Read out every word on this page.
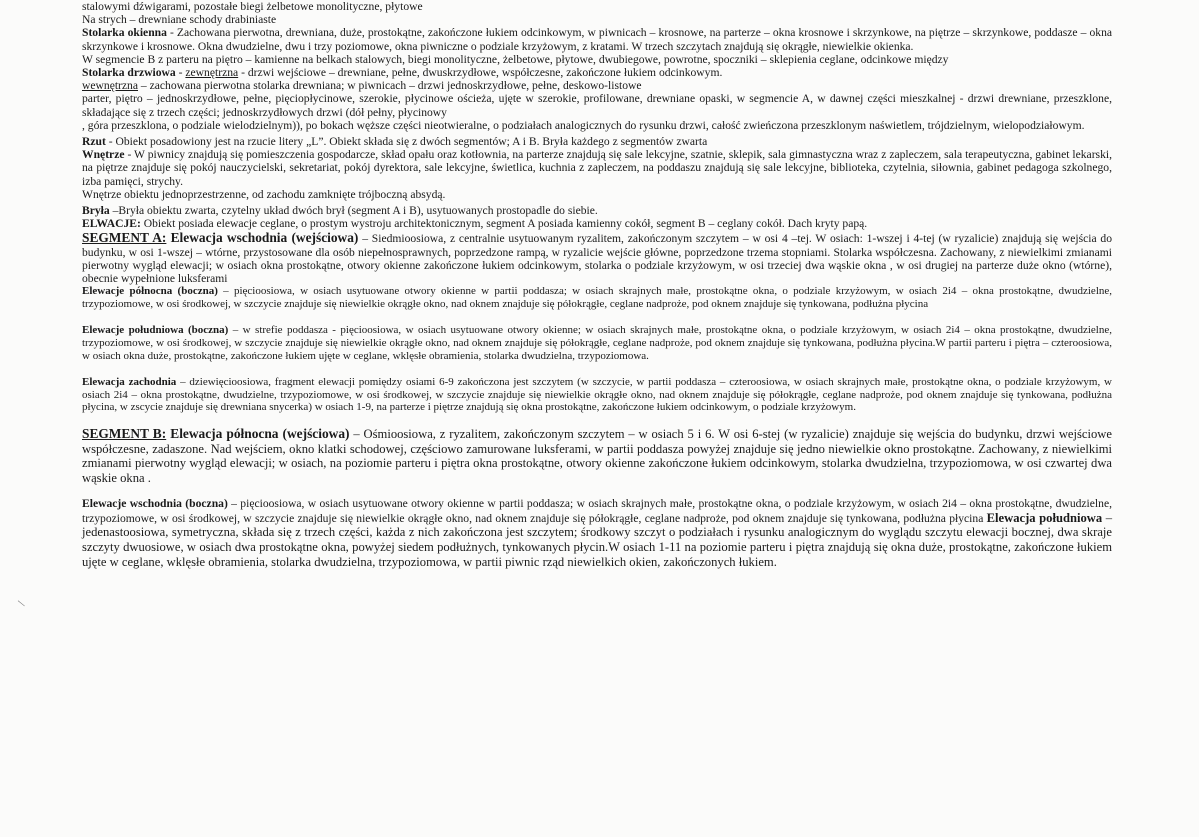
stalowymi dźwigarami, pozostałe biegi żelbetowe monolityczne, płytowe

Na strych – drewniane schody drabiniaste

Stolarka okienna - Zachowana pierwotna, drewniana, duże, prostokątne, zakończone łukiem odcinkowym, w piwnicach – krosnowe, na parterze – okna krosnowe i skrzynkowe, na piętrze – skrzynkowe, poddasze – okna skrzynkowe i krosnowe. Okna dwudzielne, dwu i trzy poziomowe, okna piwniczne o podziale krzyżowym, z kratami. W trzech szczytach znajdują się okrągłe, niewielkie okienka.

W segmencie B z parteru na piętro – kamienne na belkach stalowych, biegi monolityczne, żelbetowe, płytowe, dwubiegowe, powrotne, spoczniki – sklepienia ceglane, odcinkowe między

Stolarka drzwiowa - zewnętrzna - drzwi wejściowe – drewniane, pełne, dwuskrzydłowe, współczesne, zakończone łukiem odcinkowym.

wewnętrzna – zachowana pierwotna stolarka drewniana; w piwnicach – drzwi jednoskrzydłowe, pełne, deskowo-listowe

parter, piętro – jednoskrzydłowe, pełne, pięciopłycinowe, szerokie, płycinowe ościeża, ujęte w szerokie, profilowane, drewniane opaski, w segmencie A, w dawnej części mieszkalnej - drzwi drewniane, przeszklone, składające się z trzech części; jednoskrzydłowych drzwi (dół pełny, płycinowy

, góra przeszklona, o podziale wielodzielnym)), po bokach węższe części nieotwieralne, o podziałach analogicznych do rysunku drzwi, całość zwieńczona przeszklonym naświetlem, trójdzielnym, wielopodziałowym.

Rzut - Obiekt posadowiony jest na rzucie litery „L”. Obiekt składa się z dwóch segmentów; A i B. Bryła każdego z segmentów zwarta

Wnętrze - W piwnicy znajdują się pomieszczenia gospodarcze, skład opału oraz kotłownia, na parterze znajdują się sale lekcyjne, szatnie, sklepik, sala gimnastyczna wraz z zapleczem, sala terapeutyczna, gabinet lekarski, na piętrze znajduje się pokój nauczycielski, sekretariat, pokój dyrektora, sale lekcyjne, świetlica, kuchnia z zapleczem, na poddaszu znajdują się sale lekcyjne, biblioteka, czytelnia, siłownia, gabinet pedagoga szkolnego, izba pamięci, strychy.

Wnętrze obiektu jednoprzestrzenne, od zachodu zamknięte trójboczną absydą.

Bryła –Bryła obiektu zwarta, czytelny układ dwóch brył (segment A i B), usytuowanych prostopadle do siebie.

ELWACJE: Obiekt posiada elewacje ceglane, o prostym wystroju architektonicznym, segment A posiada kamienny cokół, segment B – ceglany cokół. Dach kryty papą.

SEGMENT A: Elewacja wschodnia (wejściowa) – Siedmioosiowa, z centralnie usytuowanym ryzalitem, zakończonym szczytem – w osi 4 –tej. W osiach: 1-wszej i 4-tej (w ryzalicie) znajdują się wejścia do budynku, w osi 1-wszej – wtórne, przystosowane dla osób niepełnosprawnych, poprzedzone rampą, w ryzalicie wejście główne, poprzedzone trzema stopniami. Stolarka współczesna. Zachowany, z niewielkimi zmianami pierwotny wygląd elewacji; w osiach okna prostokątne, otwory okienne zakończone łukiem odcinkowym, stolarka o podziale krzyżowym, w osi trzeciej dwa wąskie okna , w osi drugiej na parterze duże okno (wtórne), obecnie wypełnione luksferami

Elewacje północna (boczna) – pięcioosiowa, w osiach usytuowane otwory okienne w partii poddasza; w osiach skrajnych małe, prostokątne okna, o podziale krzyżowym, w osiach 2i4 – okna prostokątne, dwudzielne, trzypoziomowe, w osi środkowej, w szczycie znajduje się niewielkie okrągłe okno, nad oknem znajduje się półokrągłe, ceglane nadproże, pod oknem znajduje się tynkowana, podłużna płycina

Elewacje południowa (boczna) – w strefie poddasza - pięcioosiowa, w osiach usytuowane otwory okienne; w osiach skrajnych małe, prostokątne okna, o podziale krzyżowym, w osiach 2i4 – okna prostokątne, dwudzielne, trzypoziomowe, w osi środkowej, w szczycie znajduje się niewielkie okrągłe okno, nad oknem znajduje się półokrągłe, ceglane nadproże, pod oknem znajduje się tynkowana, podłużna płycina.W partii parteru i piętra – czteroosiowa, w osiach okna duże, prostokątne, zakończone łukiem ujęte w ceglane, wklęsłe obramienia, stolarka dwudzielna, trzypoziomowa.

Elewacja zachodnia – dziewięcioosiowa, fragment elewacji pomiędzy osiami 6-9 zakończona jest szczytem (w szczycie, w partii poddasza – czteroosiowa, w osiach skrajnych małe, prostokątne okna, o podziale krzyżowym, w osiach 2i4 – okna prostokątne, dwudzielne, trzypoziomowe, w osi środkowej, w szczycie znajduje się niewielkie okrągłe okno, nad oknem znajduje się półokrągłe, ceglane nadproże, pod oknem znajduje się tynkowana, podłużna płycina, w zscycie znajduje się drewniana snycerka) w osiach 1-9, na parterze i piętrze znajdują się okna prostokątne, zakończone łukiem odcinkowym, o podziale krzyżowym.

SEGMENT B: Elewacja północna (wejściowa) – Ośmioosiowa, z ryzalitem, zakończonym szczytem – w osiach 5 i 6. W osi 6-stej (w ryzalicie) znajduje się wejścia do budynku, drzwi wejściowe współczesne, zadaszone. Nad wejściem, okno klatki schodowej, częściowo zamurowane luksferami, w partii poddasza powyżej znajduje się jedno niewielkie okno prostokątne. Zachowany, z niewielkimi zmianami pierwotny wygląd elewacji; w osiach, na poziomie parteru i piętra okna prostokątne, otwory okienne zakończone łukiem odcinkowym, stolarka dwudzielna, trzypoziomowa, w osi czwartej dwa wąskie okna .

Elewacje wschodnia (boczna) – pięcioosiowa, w osiach usytuowane otwory okienne w partii poddasza; w osiach skrajnych małe, prostokątne okna, o podziale krzyżowym, w osiach 2i4 – okna prostokątne, dwudzielne, trzypoziomowe, w osi środkowej, w szczycie znajduje się niewielkie okrągłe okno, nad oknem znajduje się półokrągłe, ceglane nadproże, pod oknem znajduje się tynkowana, podłużna płycina Elewacja południowa – jedenastoosiowa, symetryczna, składa się z trzech części, każda z nich zakończona jest szczytem; środkowy szczyt o podziałach i rysunku analogicznym do wyglądu szczytu elewacji bocznej, dwa skraje szczyty dwuosiowe, w osiach dwa prostokątne okna, powyżej siedem podłużnych, tynkowanych płycin.W osiach 1-11 na poziomie parteru i piętra znajdują się okna duże, prostokątne, zakończone łukiem ujęte w ceglane, wklęsłe obramienia, stolarka dwudzielna, trzypoziomowa, w partii piwnic rząd niewielkich okien, zakończonych łukiem.

/
